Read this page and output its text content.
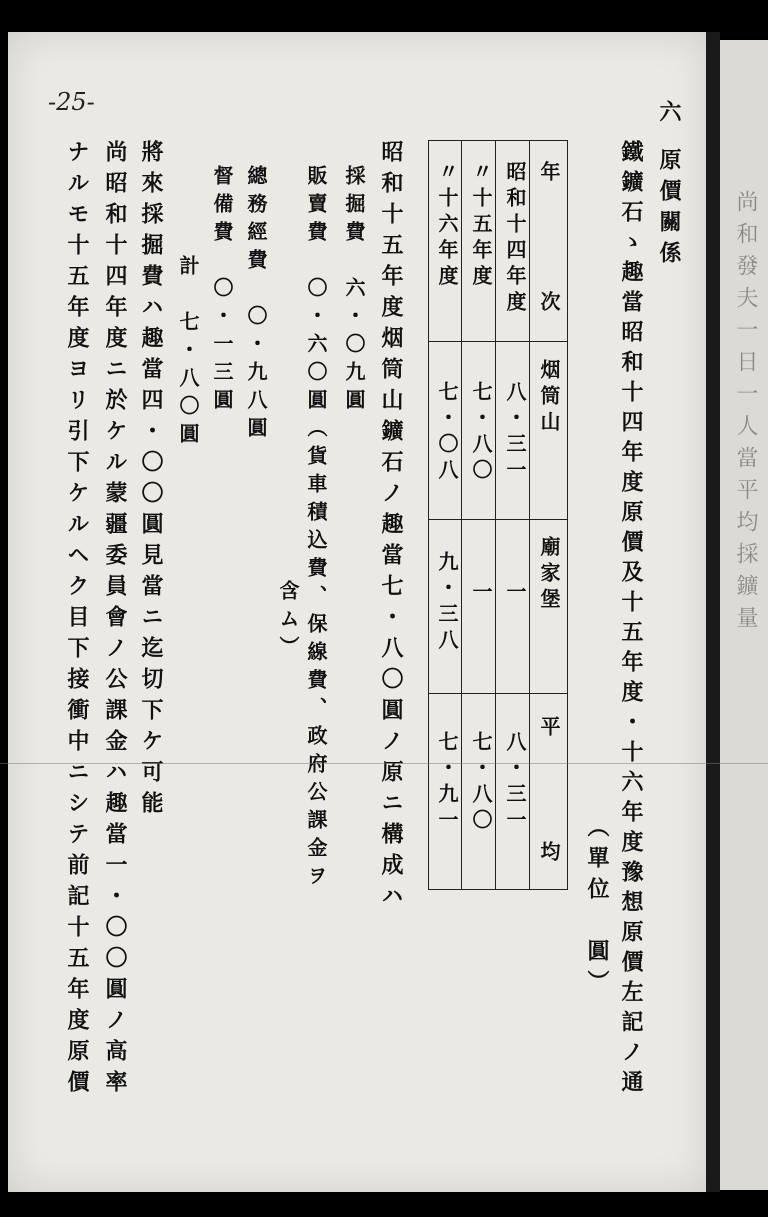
尚和發夫一日一人當平均採鑛量
-25-	六
原價關係
鐵鑛石ゝ趣當昭和十四年度原價及十五年度・十六年度豫想原價左記ノ通
（單位　圓）
年
次
烟筒山
廟家堡
平
均
昭和十四年度
八・三一
一
八・三一
〃十五年度
七・八〇
一
七・八〇
〃十六年度
七・〇八
九・三八
七・九一
昭和十五年度烟筒山鑛石ノ趣當七・八〇圓ノ原ニ構成ハ
採掘費　六・〇九圓
販賣費　〇・六〇圓（貨車積込費、保線費、政府公課金ヲ
含ム）
總務經費　〇・九八圓
督備費　〇・一三圓
計　七・八〇圓
將來採掘費ハ趣當四・〇〇圓見當ニ迄切下ケ可能
尚昭和十四年度ニ於ケル蒙疆委員會ノ公課金ハ趣當一・〇〇圓ノ高率
ナルモ十五年度ヨリ引下ケルヘク目下接衝中ニシテ前記十五年度原價
